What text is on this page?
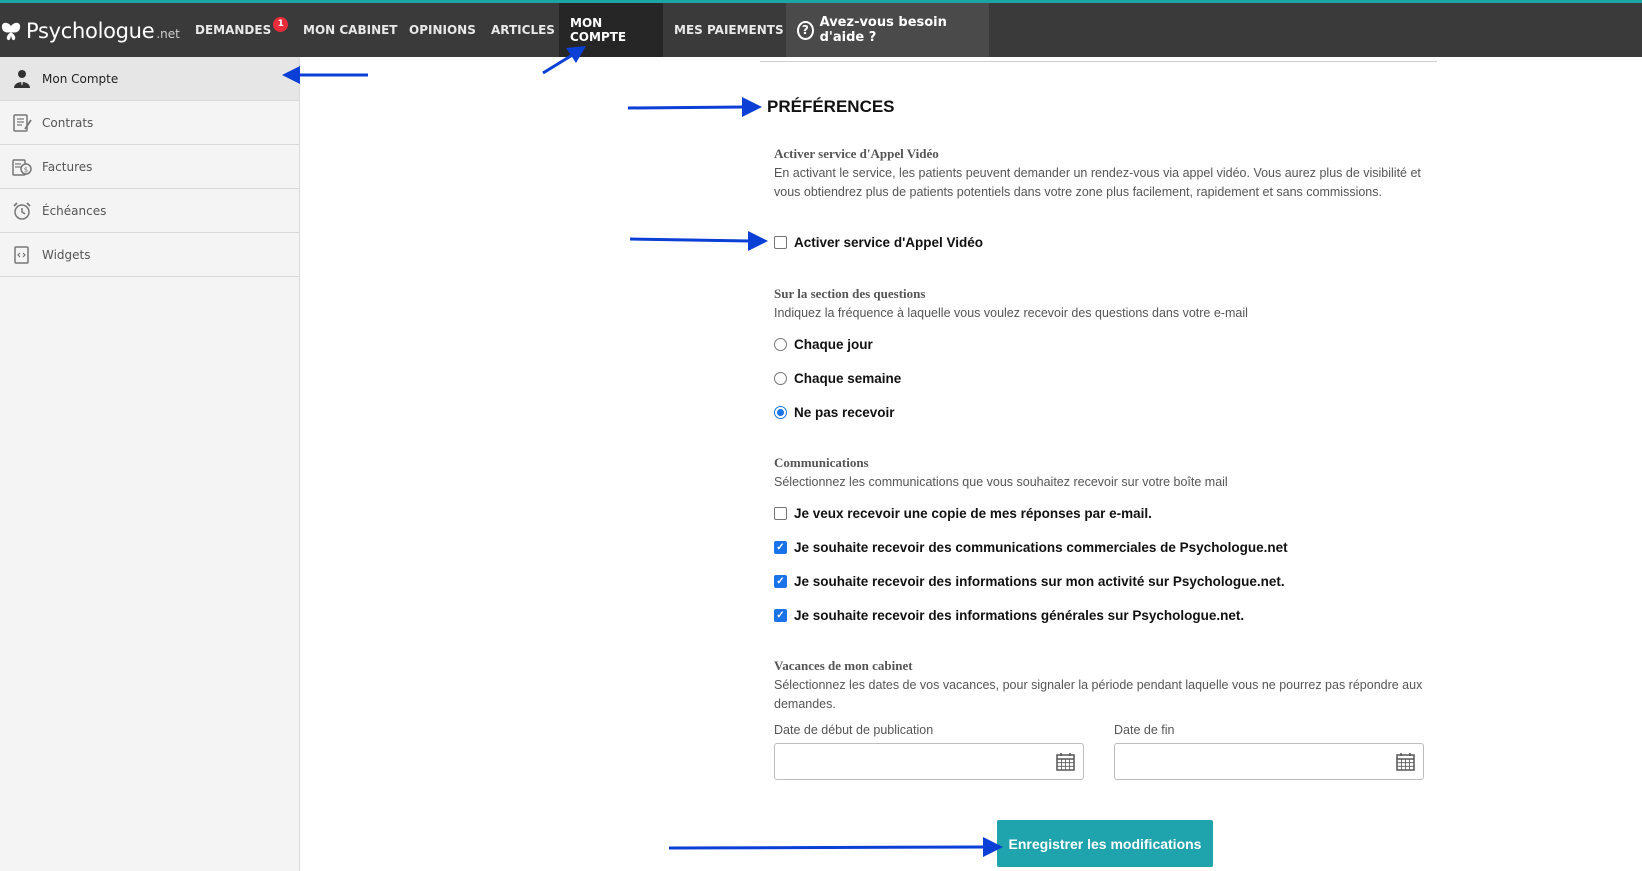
Psychologue .net DEMANDES 1	MON CABINET OPINIONS ARTICLES MON COMPTE	MES PAIEMENTS	? Avez-vous besoin d'aide ?
Mon Compte
Contrats
$ Factures
Échéances
Widgets
PRÉFÉRENCES
Activer service d'Appel Vidéo
En activant le service, les patients peuvent demander un rendez-vous via appel vidéo. Vous aurez plus de visibilité et vous obtiendrez plus de patients potentiels dans votre zone plus facilement, rapidement et sans commissions.
Activer service d'Appel Vidéo
Sur la section des questions
Indiquez la fréquence à laquelle vous voulez recevoir des questions dans votre e-mail
Chaque jour
Chaque semaine
Ne pas recevoir
Communications
Sélectionnez les communications que vous souhaitez recevoir sur votre boîte mail
Je veux recevoir une copie de mes réponses par e-mail.
✓ Je souhaite recevoir des communications commerciales de Psychologue.net
✓ Je souhaite recevoir des informations sur mon activité sur Psychologue.net.
✓ Je souhaite recevoir des informations générales sur Psychologue.net.
Vacances de mon cabinet
Sélectionnez les dates de vos vacances, pour signaler la période pendant laquelle vous ne pourrez pas répondre aux demandes.
Date de début de publication	Date de fin
Enregistrer les modifications
